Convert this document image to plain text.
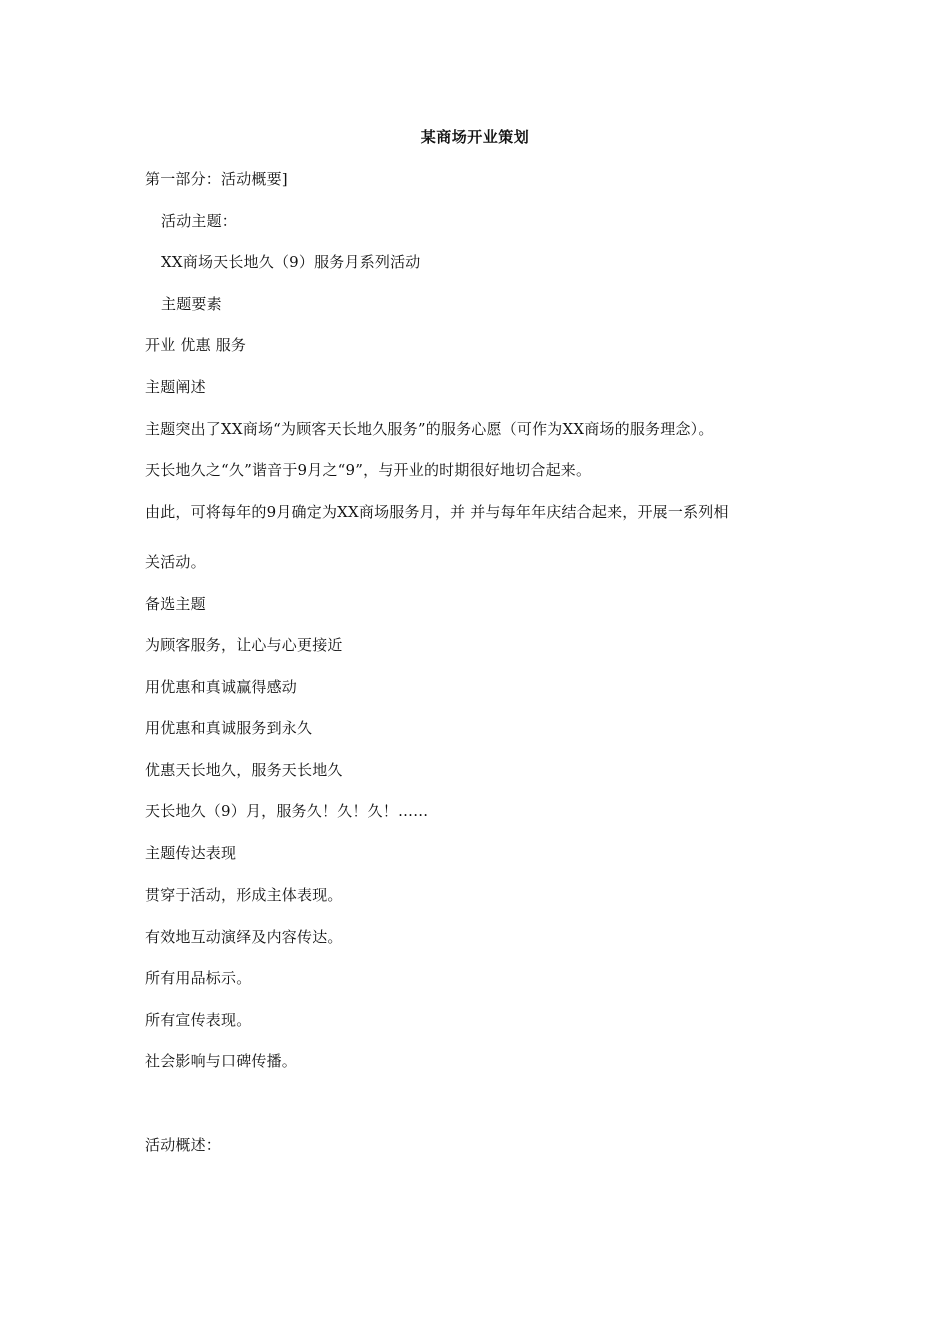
某商场开业策划
第一部分：活动概要]
活动主题：
XX商场天长地久（9）服务月系列活动
主题要素
开业 优惠 服务
主题阐述
主题突出了XX商场“为顾客天长地久服务”的服务心愿（可作为XX商场的服务理念）。
天长地久之“久”谐音于9月之“9”，与开业的时期很好地切合起来。
由此，可将每年的9月确定为XX商场服务月，并 并与每年年庆结合起来，开展一系列相
关活动。
备选主题
为顾客服务，让心与心更接近
用优惠和真诚赢得感动
用优惠和真诚服务到永久
优惠天长地久，服务天长地久
天长地久（9）月，服务久！久！久！……
主题传达表现
贯穿于活动，形成主体表现。
有效地互动演绎及内容传达。
所有用品标示。
所有宣传表现。
社会影响与口碑传播。
活动概述：
